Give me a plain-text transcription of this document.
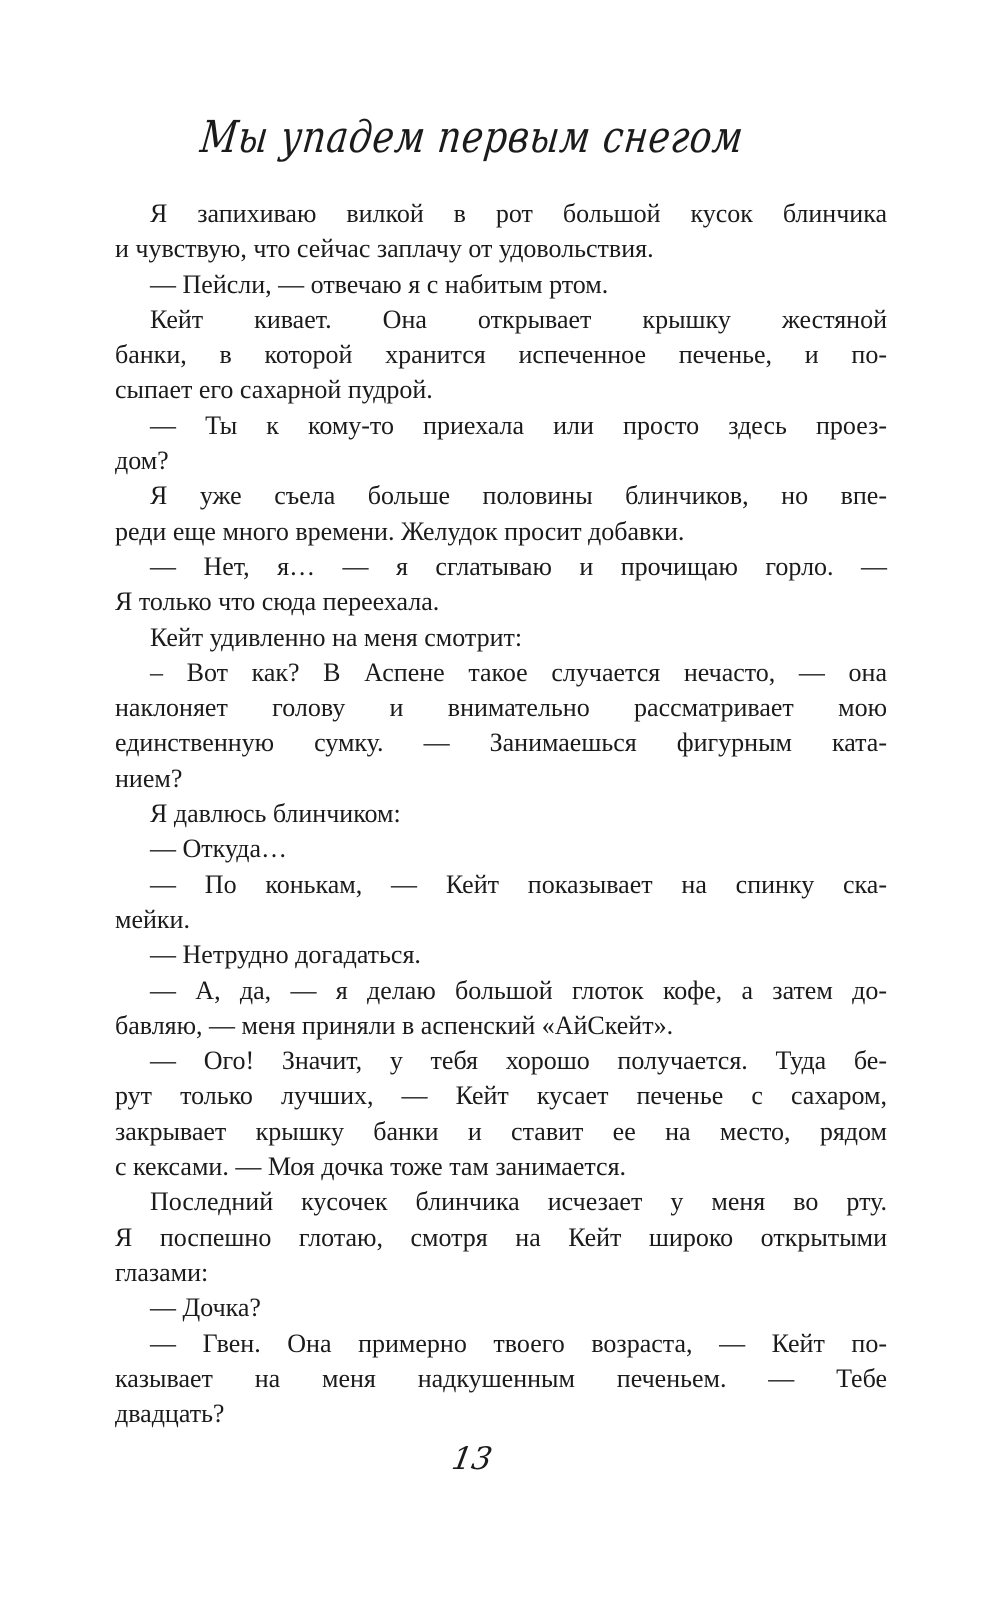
Мы упадем первым снегом
Я запихиваю вилкой в рот большой кусок блинчика
и чувствую, что сейчас заплачу от удовольствия.
— Пейсли, — отвечаю я с набитым ртом.
Кейт кивает. Она открывает крышку жестяной
банки, в которой хранится испеченное печенье, и по-
сыпает его сахарной пудрой.
— Ты к кому-то приехала или просто здесь проез-
дом?
Я уже съела больше половины блинчиков, но впе-
реди еще много времени. Желудок просит добавки.
— Нет, я… — я сглатываю и прочищаю горло. —
Я только что сюда переехала.
Кейт удивленно на меня смотрит:
– Вот как? В Аспене такое случается нечасто, — она
наклоняет голову и внимательно рассматривает мою
единственную сумку. — Занимаешься фигурным ката-
нием?
Я давлюсь блинчиком:
— Откуда…
— По конькам, — Кейт показывает на спинку ска-
мейки.
— Нетрудно догадаться.
— А, да, — я делаю большой глоток кофе, а затем до-
бавляю, — меня приняли в аспенский «АйСкейт».
— Ого! Значит, у тебя хорошо получается. Туда бе-
рут только лучших, — Кейт кусает печенье с сахаром,
закрывает крышку банки и ставит ее на место, рядом
с кексами. — Моя дочка тоже там занимается.
Последний кусочек блинчика исчезает у меня во рту.
Я поспешно глотаю, смотря на Кейт широко открытыми
глазами:
— Дочка?
— Гвен. Она примерно твоего возраста, — Кейт по-
казывает на меня надкушенным печеньем. — Тебе
двадцать?
13
